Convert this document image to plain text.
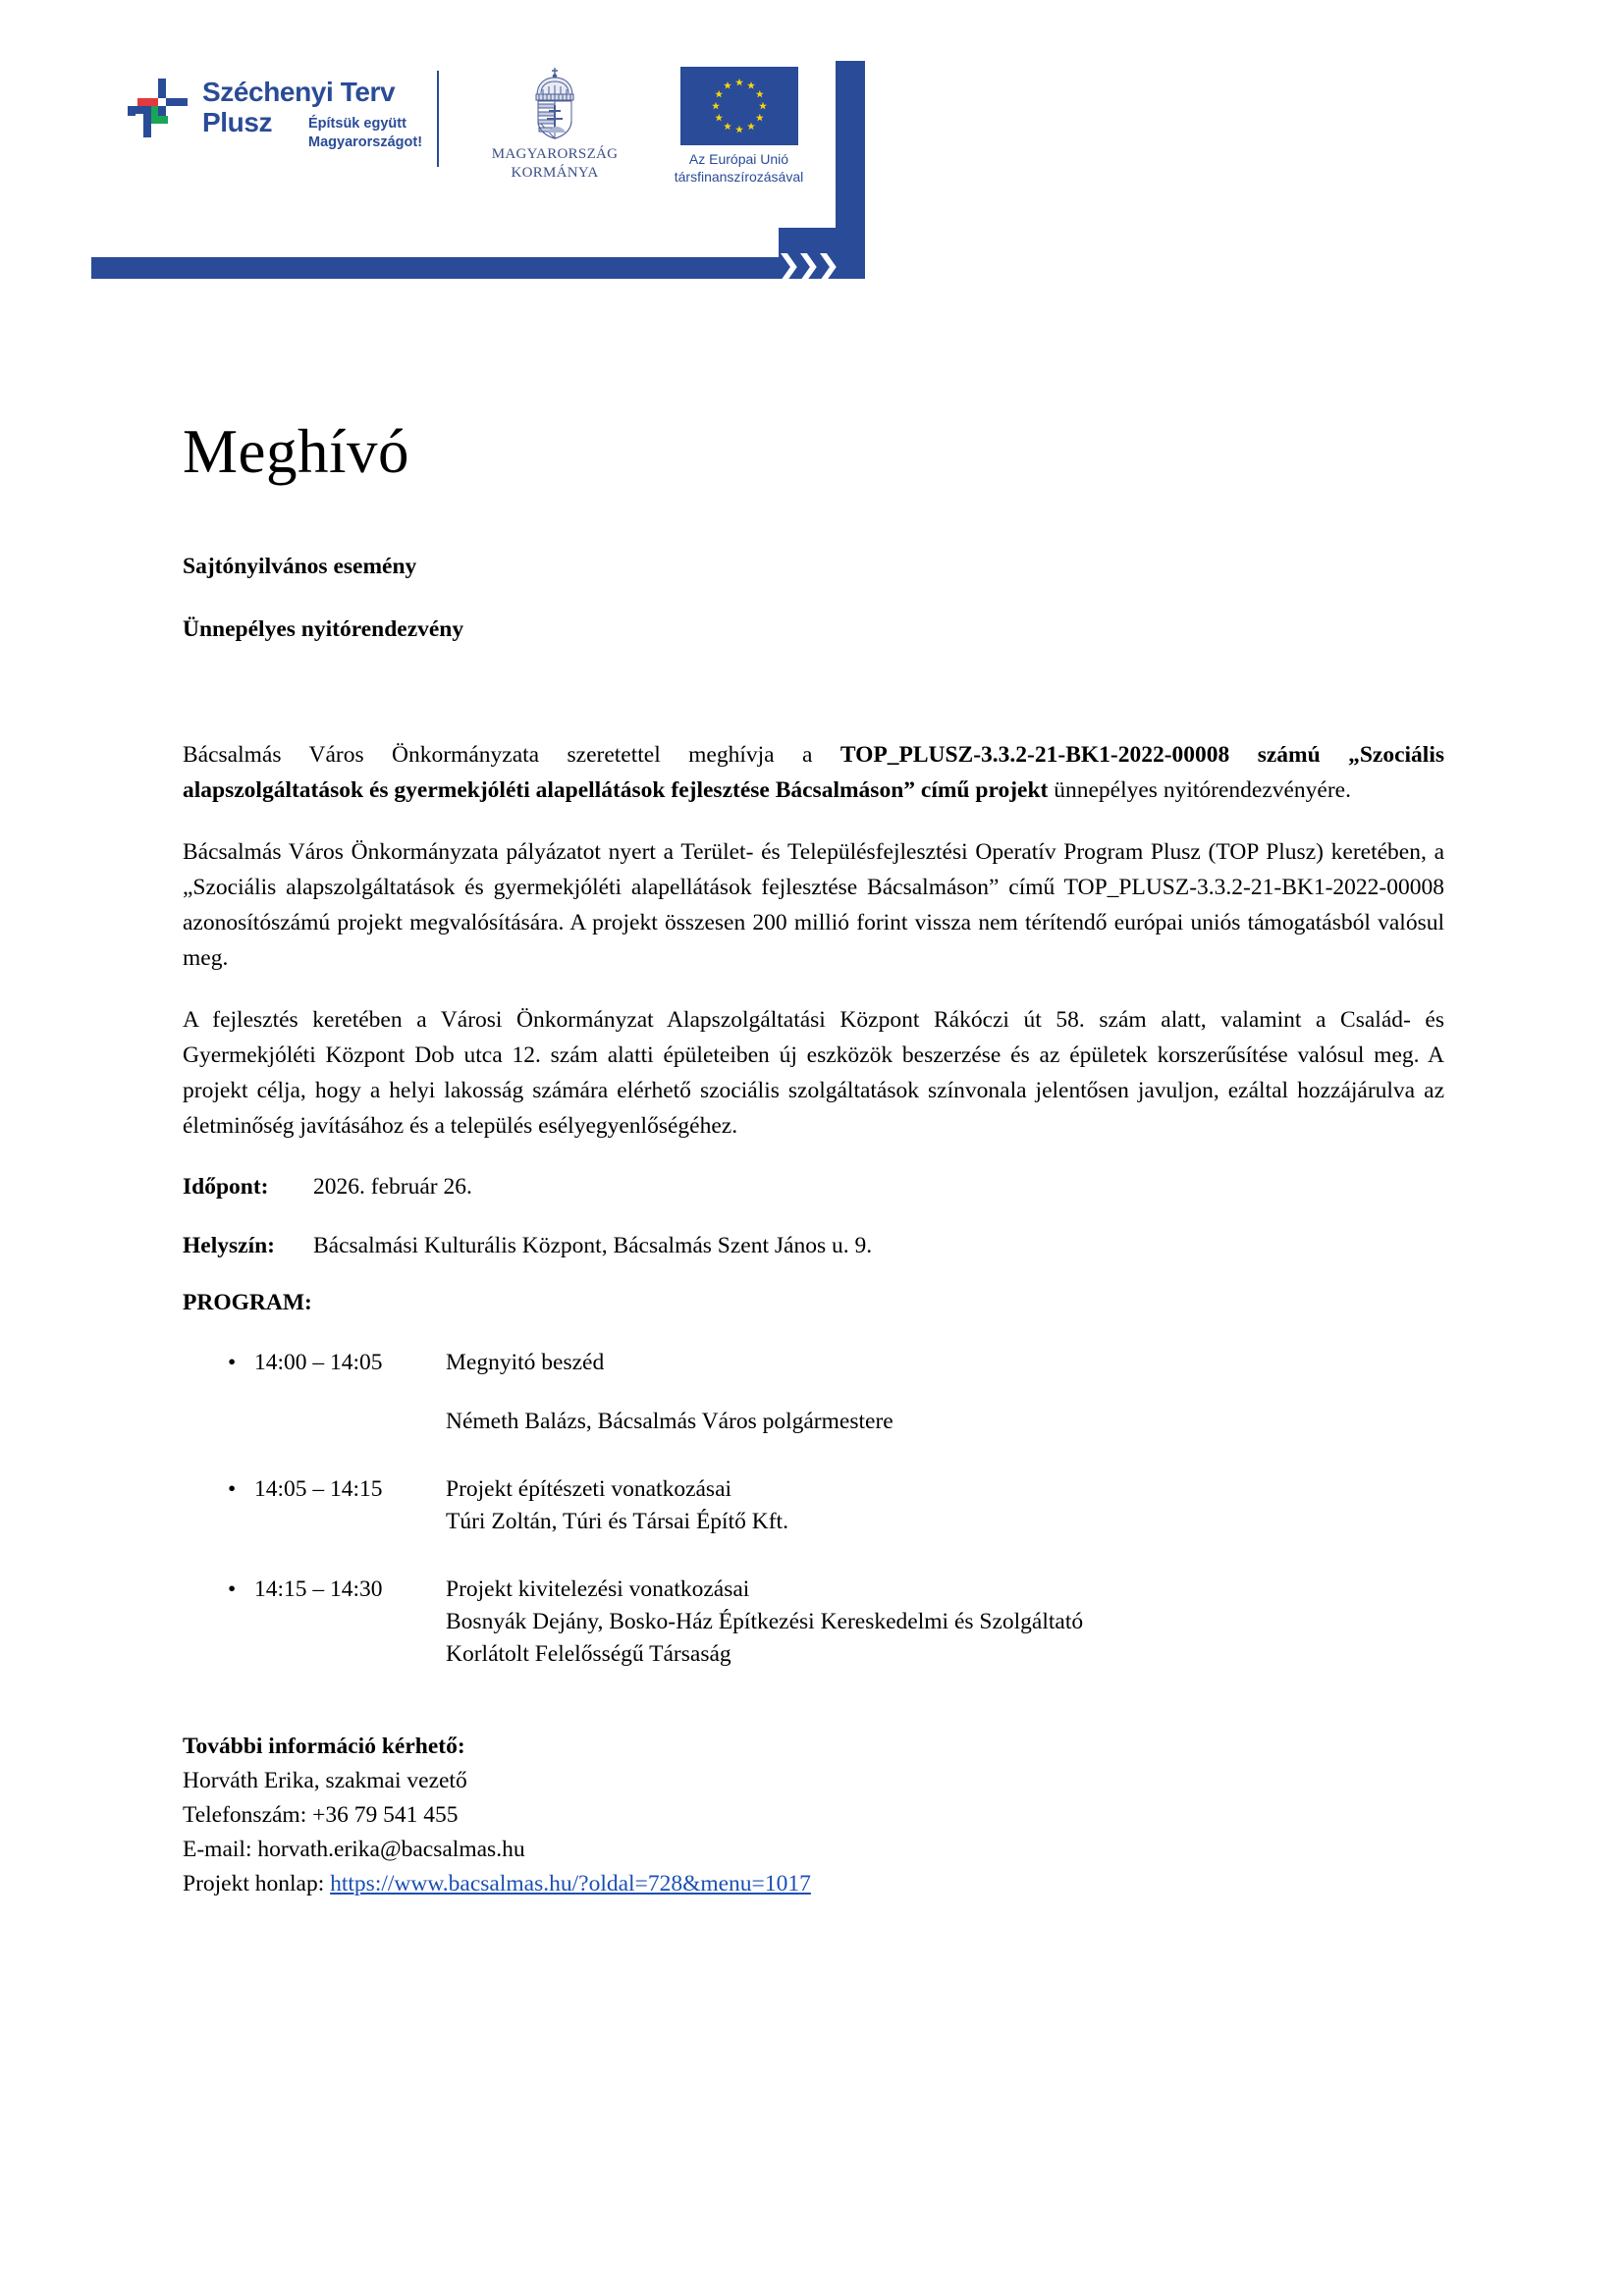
Széchenyi Terv
Plusz	Építsük együtt
Magyarországot!
MAGYARORSZÁG
KORMÁNYA
Az Európai Unió
társfinanszírozásával
Meghívó
Sajtónyilvános esemény
Ünnepélyes nyitórendezvény

Bácsalmás Város Önkormányzata szeretettel meghívja a TOP_PLUSZ-3.3.2-21-BK1-2022-00008 számú „Szociális alapszolgáltatások és gyermekjóléti alapellátások fejlesztése Bácsalmáson” című projekt ünnepélyes nyitórendezvényére.

Bácsalmás Város Önkormányzata pályázatot nyert a Terület- és Településfejlesztési Operatív Program Plusz (TOP Plusz) keretében, a „Szociális alapszolgáltatások és gyermekjóléti alapellátások fejlesztése Bácsalmáson” című TOP_PLUSZ-3.3.2-21-BK1-2022-00008 azonosítószámú projekt megvalósítására. A projekt összesen 200 millió forint vissza nem térítendő európai uniós támogatásból valósul meg.

A fejlesztés keretében a Városi Önkormányzat Alapszolgáltatási Központ Rákóczi út 58. szám alatt, valamint a Család- és Gyermekjóléti Központ Dob utca 12. szám alatti épületeiben új eszközök beszerzése és az épületek korszerűsítése valósul meg. A projekt célja, hogy a helyi lakosság számára elérhető szociális szolgáltatások színvonala jelentősen javuljon, ezáltal hozzájárulva az életminőség javításához és a település esélyegyenlőségéhez.

Időpont:	2026. február 26.
Helyszín:	Bácsalmási Kulturális Központ, Bácsalmás Szent János u. 9.
PROGRAM:
• 14:00 – 14:05	Megnyitó beszéd
Németh Balázs, Bácsalmás Város polgármestere
• 14:05 – 14:15	Projekt építészeti vonatkozásai
Túri Zoltán, Túri és Társai Építő Kft.
• 14:15 – 14:30	Projekt kivitelezési vonatkozásai
Bosnyák Dejány, Bosko-Ház Építkezési Kereskedelmi és Szolgáltató
Korlátolt Felelősségű Társaság
További információ kérhető:
Horváth Erika, szakmai vezető
Telefonszám: +36 79 541 455
E-mail: horvath.erika@bacsalmas.hu
Projekt honlap: https://www.bacsalmas.hu/?oldal=728&menu=1017
